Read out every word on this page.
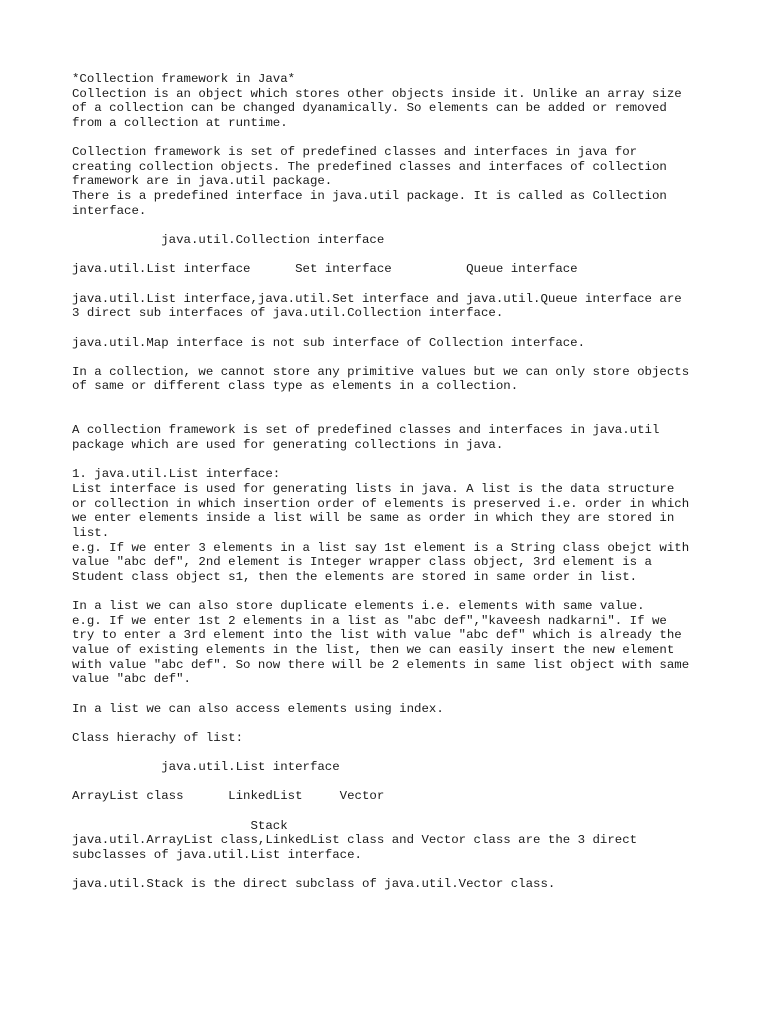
*Collection framework in Java*
Collection is an object which stores other objects inside it. Unlike an array size
of a collection can be changed dyanamically. So elements can be added or removed
from a collection at runtime.
Collection framework is set of predefined classes and interfaces in java for
creating collection objects. The predefined classes and interfaces of collection
framework are in java.util package.
There is a predefined interface in java.util package. It is called as Collection
interface.
java.util.Collection interface
java.util.List interface      Set interface          Queue interface
java.util.List interface,java.util.Set interface and java.util.Queue interface are
3 direct sub interfaces of java.util.Collection interface.
java.util.Map interface is not sub interface of Collection interface.
In a collection, we cannot store any primitive values but we can only store objects
of same or different class type as elements in a collection.
A collection framework is set of predefined classes and interfaces in java.util
package which are used for generating collections in java.
1. java.util.List interface:
List interface is used for generating lists in java. A list is the data structure
or collection in which insertion order of elements is preserved i.e. order in which
we enter elements inside a list will be same as order in which they are stored in
list.
e.g. If we enter 3 elements in a list say 1st element is a String class obejct with
value "abc def", 2nd element is Integer wrapper class object, 3rd element is a
Student class object s1, then the elements are stored in same order in list.
In a list we can also store duplicate elements i.e. elements with same value.
e.g. If we enter 1st 2 elements in a list as "abc def","kaveesh nadkarni". If we
try to enter a 3rd element into the list with value "abc def" which is already the
value of existing elements in the list, then we can easily insert the new element
with value "abc def". So now there will be 2 elements in same list object with same
value "abc def".
In a list we can also access elements using index.
Class hierachy of list:
java.util.List interface
ArrayList class      LinkedList     Vector
Stack
java.util.ArrayList class,LinkedList class and Vector class are the 3 direct
subclasses of java.util.List interface.
java.util.Stack is the direct subclass of java.util.Vector class.
